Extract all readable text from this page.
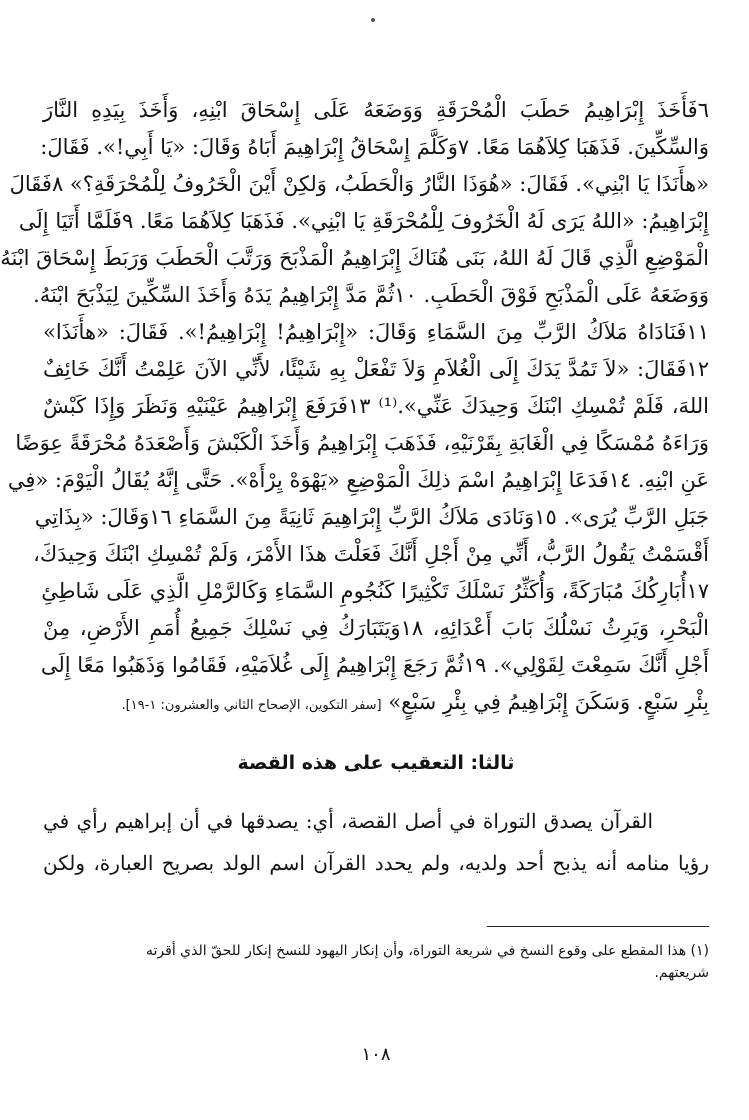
٦فَأَخَذَ إِبْرَاهِيمُ حَطَبَ الْمُحْرَقَةِ وَوَضَعَهُ عَلَى إِسْحَاقَ ابْنِهِ، وَأَخَذَ بِيَدِهِ النَّارَ
وَالسِّكِّينَ. فَذَهَبَا كِلاَهُمَا مَعًا. ٧وَكَلَّمَ إِسْحَاقُ إِبْرَاهِيمَ أَبَاهُ وَقَالَ: «يَا أَبِي!». فَقَالَ:
«هأَنَذَا يَا ابْنِي». فَقَالَ: «هُوَذَا النَّارُ وَالْحَطَبُ، وَلكِنْ أَيْنَ الْخَرُوفُ لِلْمُحْرَقَةِ؟» ٨فَقَالَ
إِبْرَاهِيمُ: «اللهُ يَرَى لَهُ الْخَرُوفَ لِلْمُحْرَقَةِ يَا ابْنِي». فَذَهَبَا كِلاَهُمَا مَعًا. ٩فَلَمَّا أَتَيَا إِلَى
الْمَوْضِعِ الَّذِي قَالَ لَهُ اللهُ، بَنَى هُنَاكَ إِبْرَاهِيمُ الْمَذْبَحَ وَرَتَّبَ الْحَطَبَ وَرَبَطَ إِسْحَاقَ ابْنَهُ
وَوَضَعَهُ عَلَى الْمَذْبَحِ فَوْقَ الْحَطَبِ. ١٠ثُمَّ مَدَّ إِبْرَاهِيمُ يَدَهُ وَأَخَذَ السِّكِّينَ لِيَذْبَحَ ابْنَهُ.
١١فَنَادَاهُ مَلاَكُ الرَّبِّ مِنَ السَّمَاءِ وَقَالَ: «إِبْرَاهِيمُ! إِبْرَاهِيمُ!». فَقَالَ: «هأَنَذَا»
١٢فَقَالَ: «لاَ تَمُدَّ يَدَكَ إِلَى الْغُلاَمِ وَلاَ تَفْعَلْ بِهِ شَيْئًا، لأَنِّي الآنَ عَلِمْتُ أَنَّكَ خَائِفٌ
اللهَ، فَلَمْ تُمْسِكِ ابْنَكَ وَحِيدَكَ عَنِّي».⁽¹⁾ ١٣فَرَفَعَ إِبْرَاهِيمُ عَيْنَيْهِ وَنَظَرَ وَإِذَا كَبْشٌ
وَرَاءَهُ مُمْسَكًا فِي الْغَابَةِ بِقَرْنَيْهِ، فَذَهَبَ إِبْرَاهِيمُ وَأَخَذَ الْكَبْشَ وَأَصْعَدَهُ مُحْرَقَةً عِوَضًا
عَنِ ابْنِهِ. ١٤فَدَعَا إِبْرَاهِيمُ اسْمَ ذلِكَ الْمَوْضِعِ «يَهْوَهْ يِرْأَهْ». حَتَّى إِنَّهُ يُقَالُ الْيَوْمَ: «فِي
جَبَلِ الرَّبِّ يُرَى». ١٥وَنَادَى مَلاَكُ الرَّبِّ إِبْرَاهِيمَ ثَانِيَةً مِنَ السَّمَاءِ ١٦وَقَالَ: «بِذَاتِي
أَقْسَمْتُ يَقُولُ الرَّبُّ، أَنِّي مِنْ أَجْلِ أَنَّكَ فَعَلْتَ هذَا الأَمْرَ، وَلَمْ تُمْسِكِ ابْنَكَ وَحِيدَكَ،
١٧أُبَارِكُكَ مُبَارَكَةً، وَأُكَثِّرُ نَسْلَكَ تَكْثِيرًا كَنُجُومِ السَّمَاءِ وَكَالرَّمْلِ الَّذِي عَلَى شَاطِئِ
الْبَحْرِ، وَيَرِثُ نَسْلُكَ بَابَ أَعْدَائِهِ، ١٨وَيَتَبَارَكُ فِي نَسْلِكَ جَمِيعُ أُمَمِ الأَرْضِ، مِنْ
أَجْلِ أَنَّكَ سَمِعْتَ لِقَوْلِي». ١٩ثُمَّ رَجَعَ إِبْرَاهِيمُ إِلَى غُلاَمَيْهِ، فَقَامُوا وَذَهَبُوا مَعًا إِلَى
بِئْرِ سَبْعٍ. وَسَكَنَ إِبْرَاهِيمُ فِي بِئْرِ سَبْعٍ» [سفر التكوين، الإصحاح الثاني والعشرون: ١-١٩].
ثالثا: التعقيب على هذه القصة
القرآن يصدق التوراة في أصل القصة، أي: يصدقها في أن إبراهيم رأي في
رؤيا منامه أنه يذبح أحد ولديه، ولم يحدد القرآن اسم الولد بصريح العبارة، ولكن
(١) هذا المقطع على وقوع النسخ في شريعة التوراة، وأن إنكار اليهود للنسخ إنكار للحقّ الذي أقرته
شريعتهم.
١٠٨
